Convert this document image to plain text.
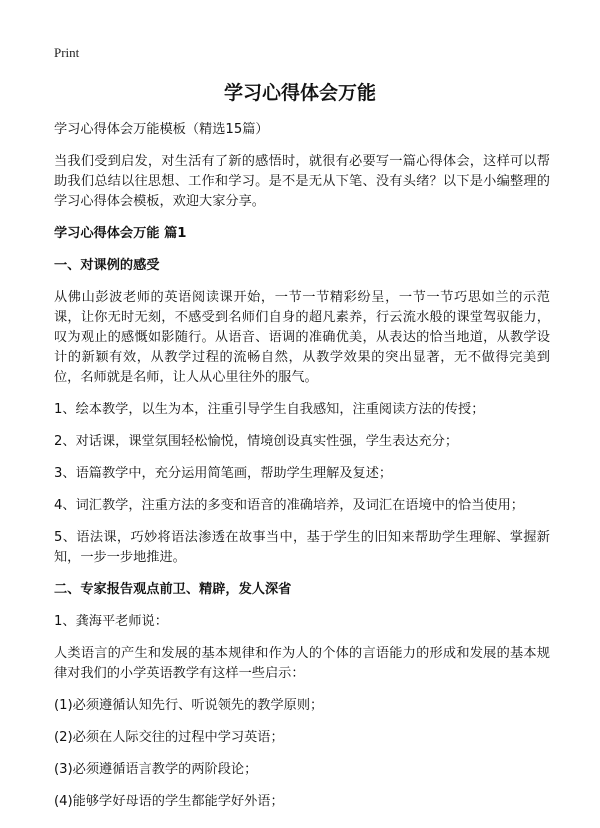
Print
学习心得体会万能

学习心得体会万能模板（精选15篇）

当我们受到启发，对生活有了新的感悟时，就很有必要写一篇心得体会，这样可以帮助我们总结以往思想、工作和学习。是不是无从下笔、没有头绪？以下是小编整理的学习心得体会模板，欢迎大家分享。

学习心得体会万能 篇1

一、对课例的感受

从佛山彭波老师的英语阅读课开始，一节一节精彩纷呈，一节一节巧思如兰的示范课，让你无时无刻，不感受到名师们自身的超凡素养，行云流水般的课堂驾驭能力，叹为观止的感慨如影随行。从语音、语调的准确优美，从表达的恰当地道，从教学设计的新颖有效，从教学过程的流畅自然，从教学效果的突出显著，无不做得完美到位，名师就是名师，让人从心里往外的服气。

1、绘本教学，以生为本，注重引导学生自我感知，注重阅读方法的传授；

2、对话课，课堂氛围轻松愉悦，情境创设真实性强，学生表达充分；

3、语篇教学中，充分运用简笔画，帮助学生理解及复述；

4、词汇教学，注重方法的多变和语音的准确培养，及词汇在语境中的恰当使用；

5、语法课，巧妙将语法渗透在故事当中，基于学生的旧知来帮助学生理解、掌握新知，一步一步地推进。

二、专家报告观点前卫、精辟，发人深省

1、龚海平老师说：

人类语言的产生和发展的基本规律和作为人的个体的言语能力的形成和发展的基本规律对我们的小学英语教学有这样一些启示：

(1)必须遵循认知先行、听说领先的教学原则；

(2)必须在人际交往的过程中学习英语；

(3)必须遵循语言教学的两阶段论；

(4)能够学好母语的学生都能学好外语；
